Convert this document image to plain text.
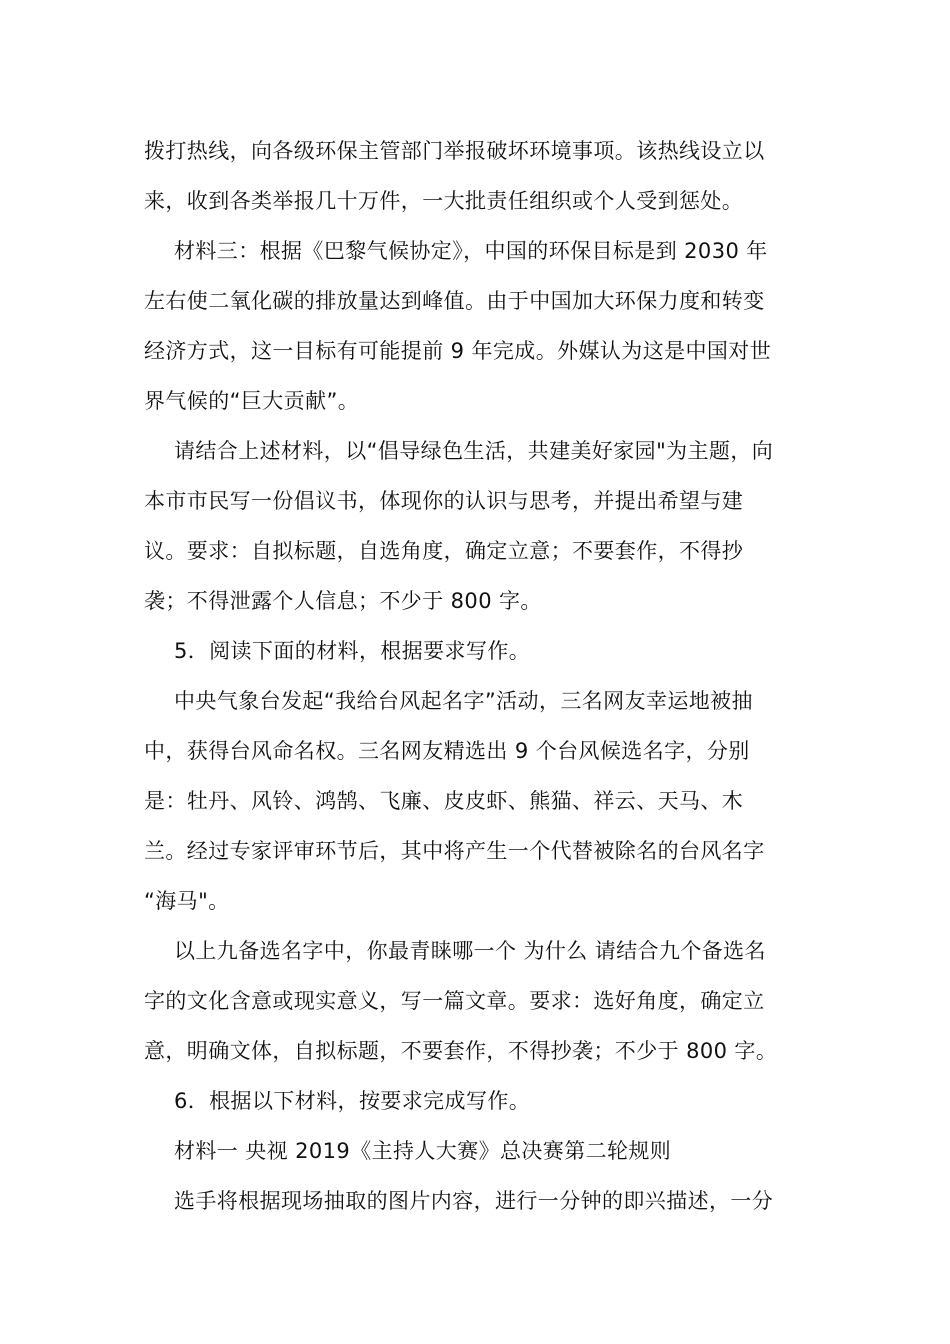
拨打热线，向各级环保主管部门举报破坏环境事项。该热线设立以
来，收到各类举报几十万件，一大批责任组织或个人受到惩处。
材料三：根据《巴黎气候协定》，中国的环保目标是到 2030 年
左右使二氧化碳的排放量达到峰值。由于中国加大环保力度和转变
经济方式，这一目标有可能提前 9 年完成。外媒认为这是中国对世
界气候的“巨大贡献”。
请结合上述材料，以“倡导绿色生活，共建美好家园"为主题，向
本市市民写一份倡议书，体现你的认识与思考，并提出希望与建
议。要求：自拟标题，自选角度，确定立意；不要套作，不得抄
袭；不得泄露个人信息；不少于 800 字。
5．阅读下面的材料，根据要求写作。
中央气象台发起“我给台风起名字”活动，三名网友幸运地被抽
中，获得台风命名权。三名网友精选出 9 个台风候选名字，分别
是：牡丹、风铃、鸿鹄、飞廉、皮皮虾、熊猫、祥云、天马、木
兰。经过专家评审环节后，其中将产生一个代替被除名的台风名字
“海马"。
以上九备选名字中，你最青睐哪一个 为什么 请结合九个备选名
字的文化含意或现实意义，写一篇文章。要求：选好角度，确定立
意，明确文体，自拟标题，不要套作，不得抄袭；不少于 800 字。
6．根据以下材料，按要求完成写作。
材料一 央视 2019《主持人大赛》总决赛第二轮规则
选手将根据现场抽取的图片内容，进行一分钟的即兴描述，一分
